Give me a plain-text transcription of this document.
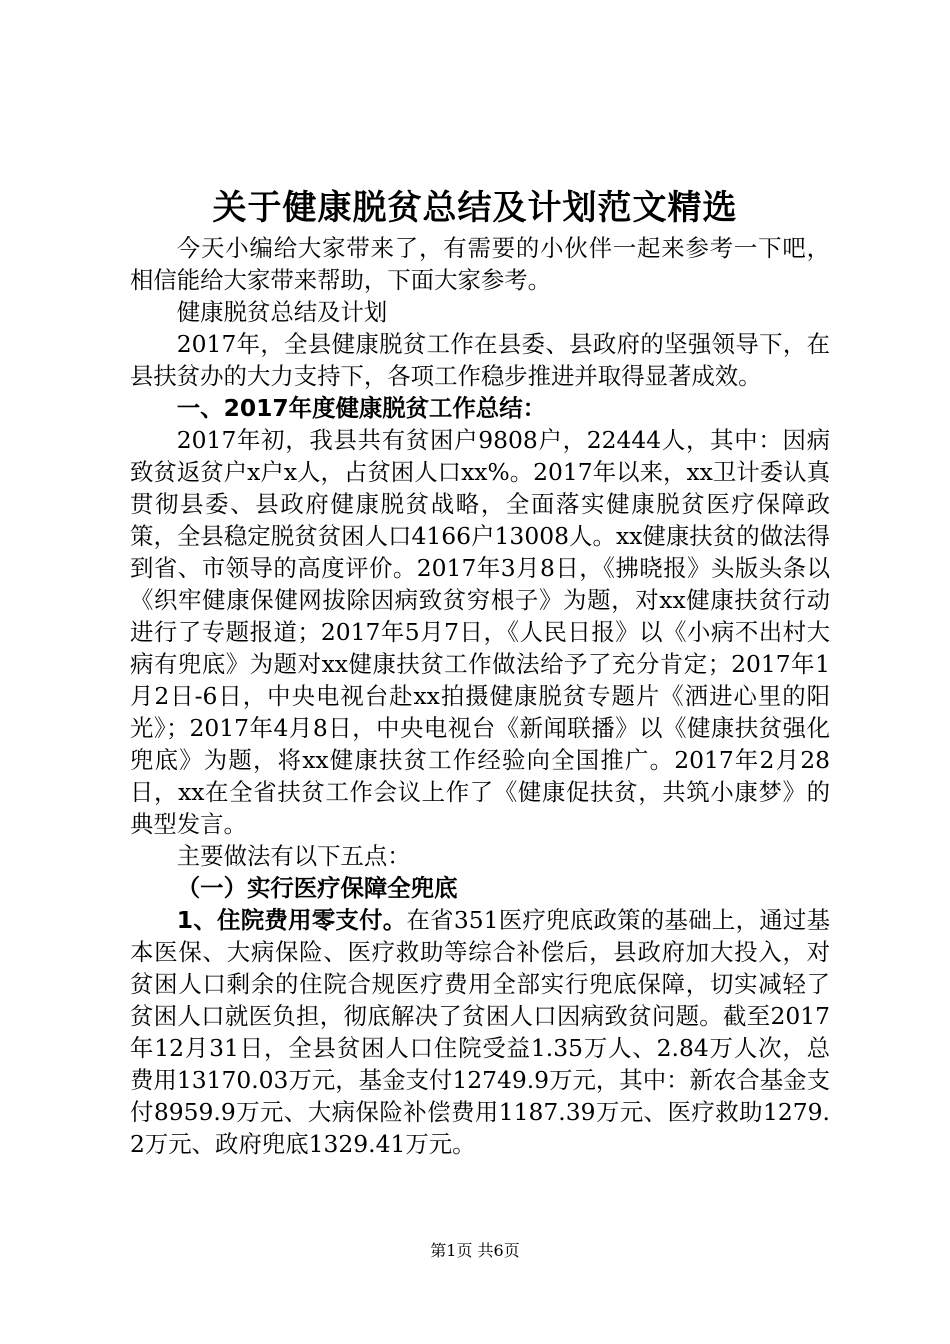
关于健康脱贫总结及计划范文精选

今天小编给大家带来了，有需要的小伙伴一起来参考一下吧，相信能给大家带来帮助，下面大家参考。

健康脱贫总结及计划

2017年，全县健康脱贫工作在县委、县政府的坚强领导下，在县扶贫办的大力支持下，各项工作稳步推进并取得显著成效。

一、2017年度健康脱贫工作总结：

2017年初，我县共有贫困户9808户，22444人，其中：因病致贫返贫户x户x人，占贫困人口xx%。2017年以来，xx卫计委认真贯彻县委、县政府健康脱贫战略，全面落实健康脱贫医疗保障政策，全县稳定脱贫贫困人口4166户13008人。xx健康扶贫的做法得到省、市领导的高度评价。2017年3月8日，《拂晓报》头版头条以《织牢健康保健网拔除因病致贫穷根子》为题，对xx健康扶贫行动进行了专题报道；2017年5月7日，《人民日报》以《小病不出村大病有兜底》为题对xx健康扶贫工作做法给予了充分肯定；2017年1月2日-6日，中央电视台赴xx拍摄健康脱贫专题片《洒进心里的阳光》；2017年4月8日，中央电视台《新闻联播》以《健康扶贫强化兜底》为题，将xx健康扶贫工作经验向全国推广。2017年2月28日，xx在全省扶贫工作会议上作了《健康促扶贫，共筑小康梦》的典型发言。

主要做法有以下五点：

（一）实行医疗保障全兜底

1、住院费用零支付。在省351医疗兜底政策的基础上，通过基本医保、大病保险、医疗救助等综合补偿后，县政府加大投入，对贫困人口剩余的住院合规医疗费用全部实行兜底保障，切实减轻了贫困人口就医负担，彻底解决了贫困人口因病致贫问题。截至2017年12月31日，全县贫困人口住院受益1.35万人、2.84万人次，总费用13170.03万元，基金支付12749.9万元，其中：新农合基金支付8959.9万元、大病保险补偿费用1187.39万元、医疗救助1279.2万元、政府兜底1329.41万元。

第1页 共6页
